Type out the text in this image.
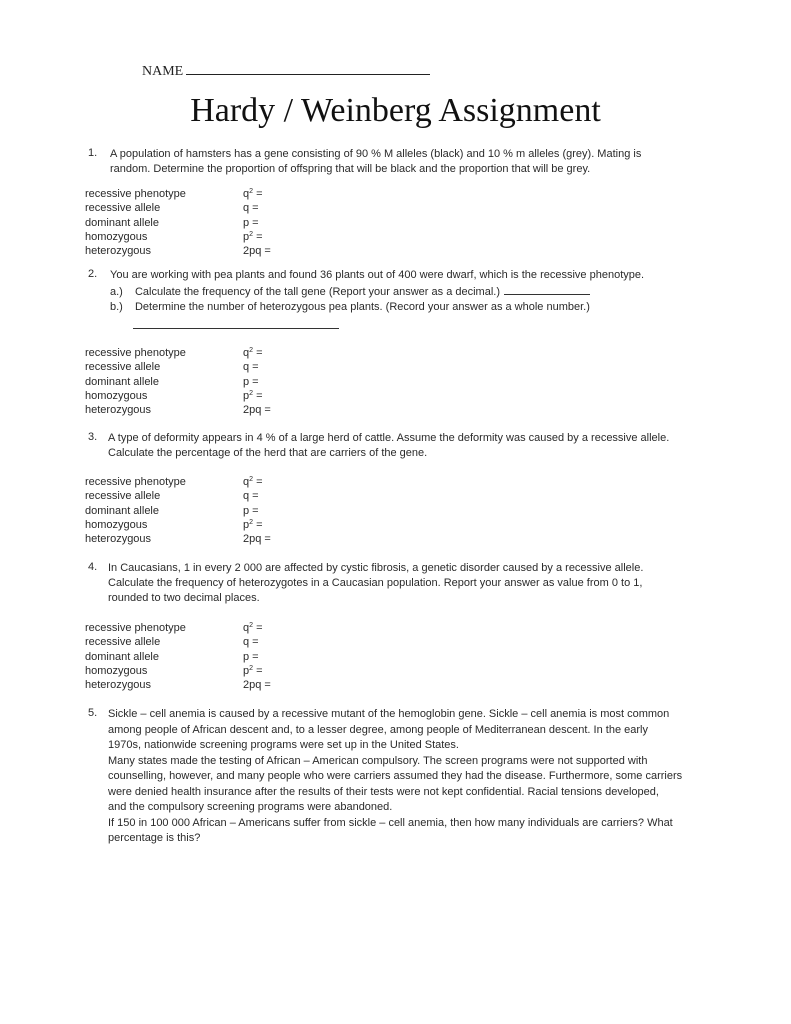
NAME
Hardy / Weinberg Assignment
1. A population of hamsters has a gene consisting of 90 % M alleles (black) and 10 % m alleles (grey). Mating is

random. Determine the proportion of offspring that will be black and the proportion that will be grey.

recessive phenotype	$q^2$ =
recessive allele	q =
dominant allele	p =
homozygous	$p^2$ =
heterozygous	2pq =
2. You are working with pea plants and found 36 plants out of 400 were dwarf, which is the recessive phenotype.

a.) Calculate the frequency of the tall gene (Report your answer as a decimal.)
b.) Determine the number of heterozygous pea plants. (Record your answer as a whole number.)
recessive phenotype	$q^2$ =
recessive allele	q =
dominant allele	p =
homozygous	$p^2$ =
heterozygous	2pq =
3. A type of deformity appears in 4 % of a large herd of cattle. Assume the deformity was caused by a recessive allele.

Calculate the percentage of the herd that are carriers of the gene.

recessive phenotype	$q^2$ =
recessive allele	q =
dominant allele	p =
homozygous	$p^2$ =
heterozygous	2pq =
4. In Caucasians, 1 in every 2 000 are affected by cystic fibrosis, a genetic disorder caused by a recessive allele.

Calculate the frequency of heterozygotes in a Caucasian population. Report your answer as value from 0 to 1,

rounded to two decimal places.

recessive phenotype	$q^2$ =
recessive allele	q =
dominant allele	p =
homozygous	$p^2$ =
heterozygous	2pq =
5. Sickle – cell anemia is caused by a recessive mutant of the hemoglobin gene. Sickle – cell anemia is most common

among people of African descent and, to a lesser degree, among people of Mediterranean descent. In the early

1970s, nationwide screening programs were set up in the United States.

Many states made the testing of African – American compulsory. The screen programs were not supported with

counselling, however, and many people who were carriers assumed they had the disease. Furthermore, some carriers

were denied health insurance after the results of their tests were not kept confidential. Racial tensions developed,

and the compulsory screening programs were abandoned.

If 150 in 100 000 African – Americans suffer from sickle – cell anemia, then how many individuals are carriers? What

percentage is this?
